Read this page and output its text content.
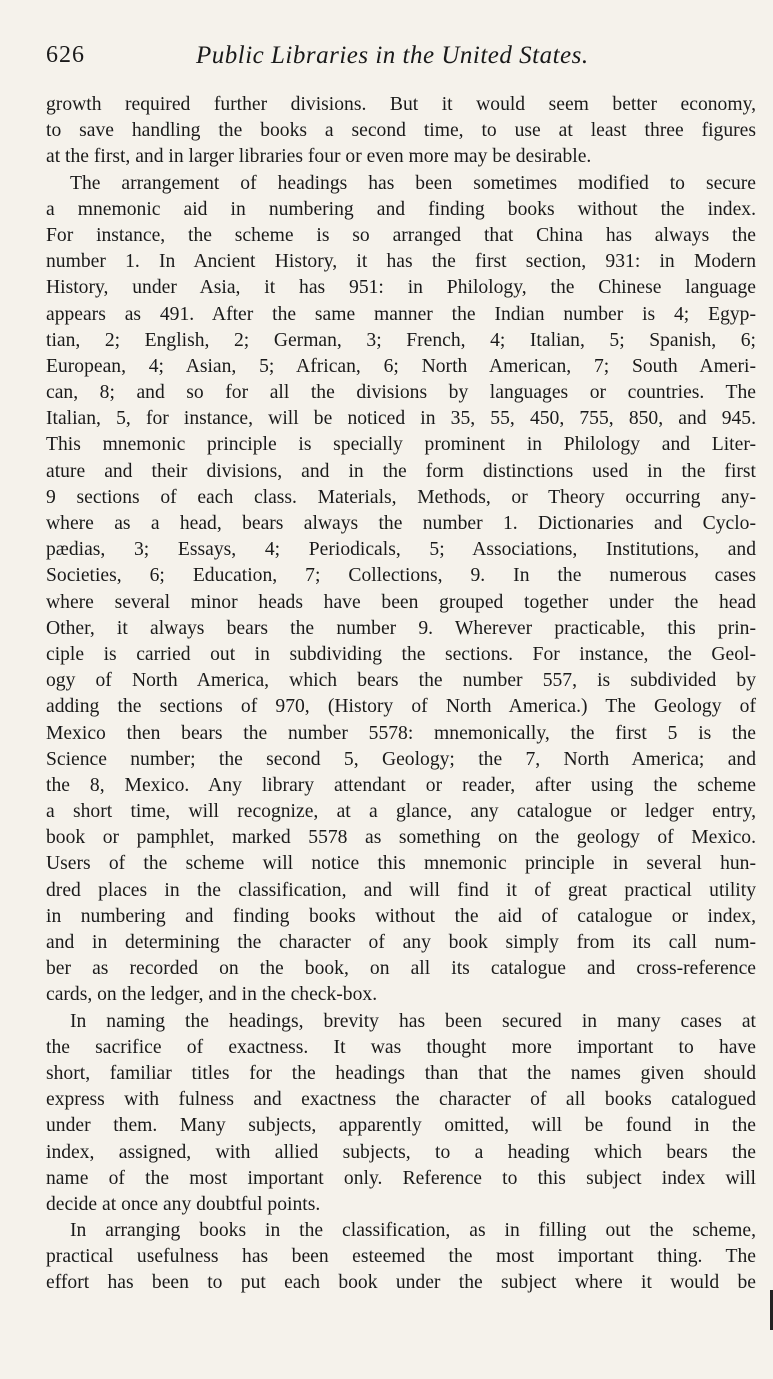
626	Public Libraries in the United States.
growth required further divisions. But it would seem better economy,
to save handling the books a second time, to use at least three figures
at the first, and in larger libraries four or even more may be desirable.
The arrangement of headings has been sometimes modified to secure
a mnemonic aid in numbering and finding books without the index.
For instance, the scheme is so arranged that China has always the
number 1. In Ancient History, it has the first section, 931: in Modern
History, under Asia, it has 951: in Philology, the Chinese language
appears as 491. After the same manner the Indian number is 4; Egyp-
tian, 2; English, 2; German, 3; French, 4; Italian, 5; Spanish, 6;
European, 4; Asian, 5; African, 6; North American, 7; South Ameri-
can, 8; and so for all the divisions by languages or countries. The
Italian, 5, for instance, will be noticed in 35, 55, 450, 755, 850, and 945.
This mnemonic principle is specially prominent in Philology and Liter-
ature and their divisions, and in the form distinctions used in the first
9 sections of each class. Materials, Methods, or Theory occurring any-
where as a head, bears always the number 1. Dictionaries and Cyclo-
pædias, 3; Essays, 4; Periodicals, 5; Associations, Institutions, and
Societies, 6; Education, 7; Collections, 9. In the numerous cases
where several minor heads have been grouped together under the head
Other, it always bears the number 9. Wherever practicable, this prin-
ciple is carried out in subdividing the sections. For instance, the Geol-
ogy of North America, which bears the number 557, is subdivided by
adding the sections of 970, (History of North America.) The Geology of
Mexico then bears the number 5578: mnemonically, the first 5 is the
Science number; the second 5, Geology; the 7, North America; and
the 8, Mexico. Any library attendant or reader, after using the scheme
a short time, will recognize, at a glance, any catalogue or ledger entry,
book or pamphlet, marked 5578 as something on the geology of Mexico.
Users of the scheme will notice this mnemonic principle in several hun-
dred places in the classification, and will find it of great practical utility
in numbering and finding books without the aid of catalogue or index,
and in determining the character of any book simply from its call num-
ber as recorded on the book, on all its catalogue and cross-reference
cards, on the ledger, and in the check-box.
In naming the headings, brevity has been secured in many cases at
the sacrifice of exactness. It was thought more important to have
short, familiar titles for the headings than that the names given should
express with fulness and exactness the character of all books catalogued
under them. Many subjects, apparently omitted, will be found in the
index, assigned, with allied subjects, to a heading which bears the
name of the most important only. Reference to this subject index will
decide at once any doubtful points.
In arranging books in the classification, as in filling out the scheme,
practical usefulness has been esteemed the most important thing. The
effort has been to put each book under the subject where it would be
